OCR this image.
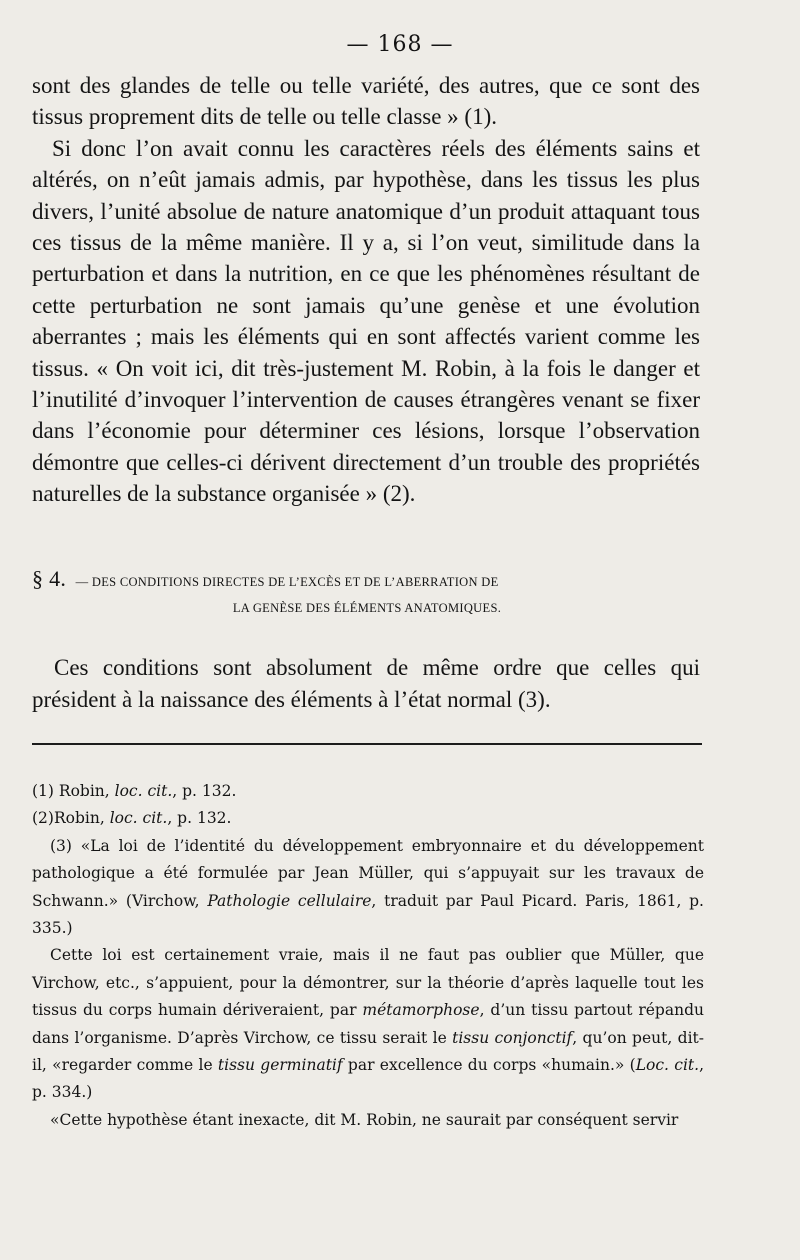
— 168 —

sont des glandes de telle ou telle variété, des autres, que ce sont des tissus proprement dits de telle ou telle classe » (1).

Si donc l’on avait connu les caractères réels des éléments sains et altérés, on n’eût jamais admis, par hypothèse, dans les tissus les plus divers, l’unité absolue de nature anatomique d’un produit attaquant tous ces tissus de la même manière. Il y a, si l’on veut, similitude dans la perturbation et dans la nutrition, en ce que les phénomènes résultant de cette perturbation ne sont jamais qu’une genèse et une évolution aberrantes ; mais les éléments qui en sont affectés varient comme les tissus. « On voit ici, dit très-justement M. Robin, à la fois le danger et l’inutilité d’invoquer l’intervention de causes étrangères venant se fixer dans l’économie pour déterminer ces lésions, lorsque l’observation démontre que celles-ci dérivent directement d’un trouble des propriétés naturelles de la substance organisée » (2).

§ 4. — DES CONDITIONS DIRECTES DE L’EXCÈS ET DE L’ABERRATION DE
LA GENÈSE DES ÉLÉMENTS ANATOMIQUES.

Ces conditions sont absolument de même ordre que celles qui président à la naissance des éléments à l’état normal (3).

(1) Robin, loc. cit., p. 132.

(2)Robin, loc. cit., p. 132.

(3) «La loi de l’identité du développement embryonnaire et du développement pathologique a été formulée par Jean Müller, qui s’appuyait sur les travaux de Schwann.» (Virchow, Pathologie cellulaire, traduit par Paul Picard. Paris, 1861, p. 335.)

Cette loi est certainement vraie, mais il ne faut pas oublier que Müller, que Virchow, etc., s’appuient, pour la démontrer, sur la théorie d’après laquelle tout les tissus du corps humain dériveraient, par métamorphose, d’un tissu partout répandu dans l’organisme. D’après Virchow, ce tissu serait le tissu conjonctif, qu’on peut, dit-il, «regarder comme le tissu germinatif par excellence du corps «humain.» (Loc. cit., p. 334.)

«Cette hypothèse étant inexacte, dit M. Robin, ne saurait par conséquent servir
